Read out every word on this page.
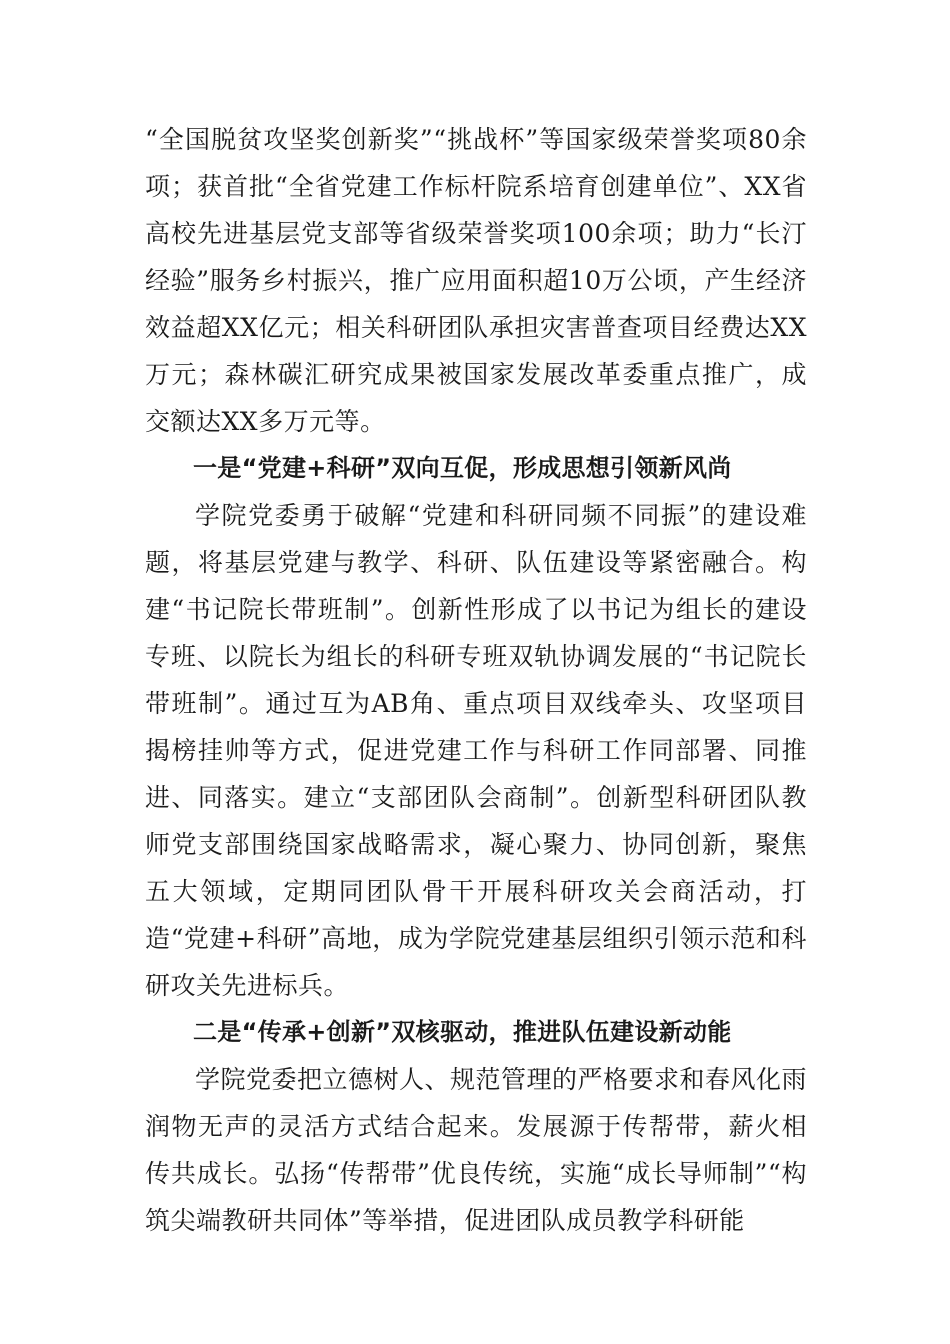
“全国脱贫攻坚奖创新奖”“挑战杯”等国家级荣誉奖项80余项；获首批“全省党建工作标杆院系培育创建单位”、XX省高校先进基层党支部等省级荣誉奖项100余项；助力“长汀经验”服务乡村振兴，推广应用面积超10万公顷，产生经济效益超XX亿元；相关科研团队承担灾害普查项目经费达XX万元；森林碳汇研究成果被国家发展改革委重点推广，成交额达XX多万元等。

一是“党建+科研”双向互促，形成思想引领新风尚

学院党委勇于破解“党建和科研同频不同振”的建设难题，将基层党建与教学、科研、队伍建设等紧密融合。构建“书记院长带班制”。创新性形成了以书记为组长的建设专班、以院长为组长的科研专班双轨协调发展的“书记院长带班制”。通过互为AB角、重点项目双线牵头、攻坚项目揭榜挂帅等方式，促进党建工作与科研工作同部署、同推进、同落实。建立“支部团队会商制”。创新型科研团队教师党支部围绕国家战略需求，凝心聚力、协同创新，聚焦五大领域，定期同团队骨干开展科研攻关会商活动，打造“党建+科研”高地，成为学院党建基层组织引领示范和科研攻关先进标兵。

二是“传承+创新”双核驱动，推进队伍建设新动能

学院党委把立德树人、规范管理的严格要求和春风化雨润物无声的灵活方式结合起来。发展源于传帮带，薪火相传共成长。弘扬“传帮带”优良传统，实施“成长导师制”“构筑尖端教研共同体”等举措，促进团队成员教学科研能
